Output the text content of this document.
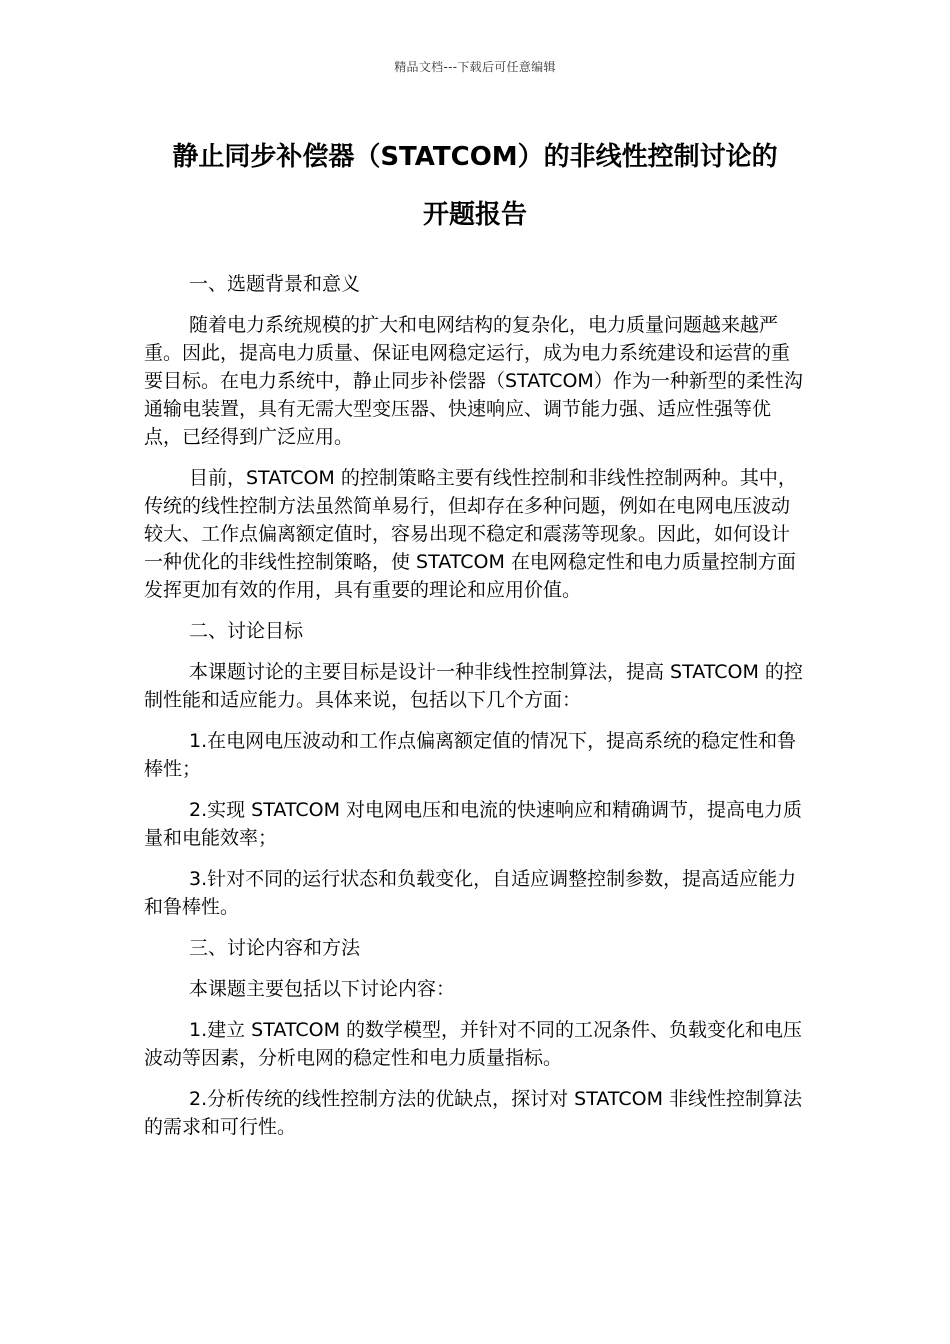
精品文档---下载后可任意编辑
静止同步补偿器（STATCOM）的非线性控制讨论的
开题报告

一、选题背景和意义

随着电力系统规模的扩大和电网结构的复杂化，电力质量问题越来越严重。因此，提高电力质量、保证电网稳定运行，成为电力系统建设和运营的重要目标。在电力系统中，静止同步补偿器（STATCOM）作为一种新型的柔性沟通输电装置，具有无需大型变压器、快速响应、调节能力强、适应性强等优点，已经得到广泛应用。

目前，STATCOM 的控制策略主要有线性控制和非线性控制两种。其中，传统的线性控制方法虽然简单易行，但却存在多种问题，例如在电网电压波动较大、工作点偏离额定值时，容易出现不稳定和震荡等现象。因此，如何设计一种优化的非线性控制策略，使 STATCOM 在电网稳定性和电力质量控制方面发挥更加有效的作用，具有重要的理论和应用价值。

二、讨论目标

本课题讨论的主要目标是设计一种非线性控制算法，提高 STATCOM 的控制性能和适应能力。具体来说，包括以下几个方面：

1.在电网电压波动和工作点偏离额定值的情况下，提高系统的稳定性和鲁棒性；

2.实现 STATCOM 对电网电压和电流的快速响应和精确调节，提高电力质量和电能效率；

3.针对不同的运行状态和负载变化，自适应调整控制参数，提高适应能力和鲁棒性。

三、讨论内容和方法

本课题主要包括以下讨论内容：

1.建立 STATCOM 的数学模型，并针对不同的工况条件、负载变化和电压波动等因素，分析电网的稳定性和电力质量指标。

2.分析传统的线性控制方法的优缺点，探讨对 STATCOM 非线性控制算法的需求和可行性。
